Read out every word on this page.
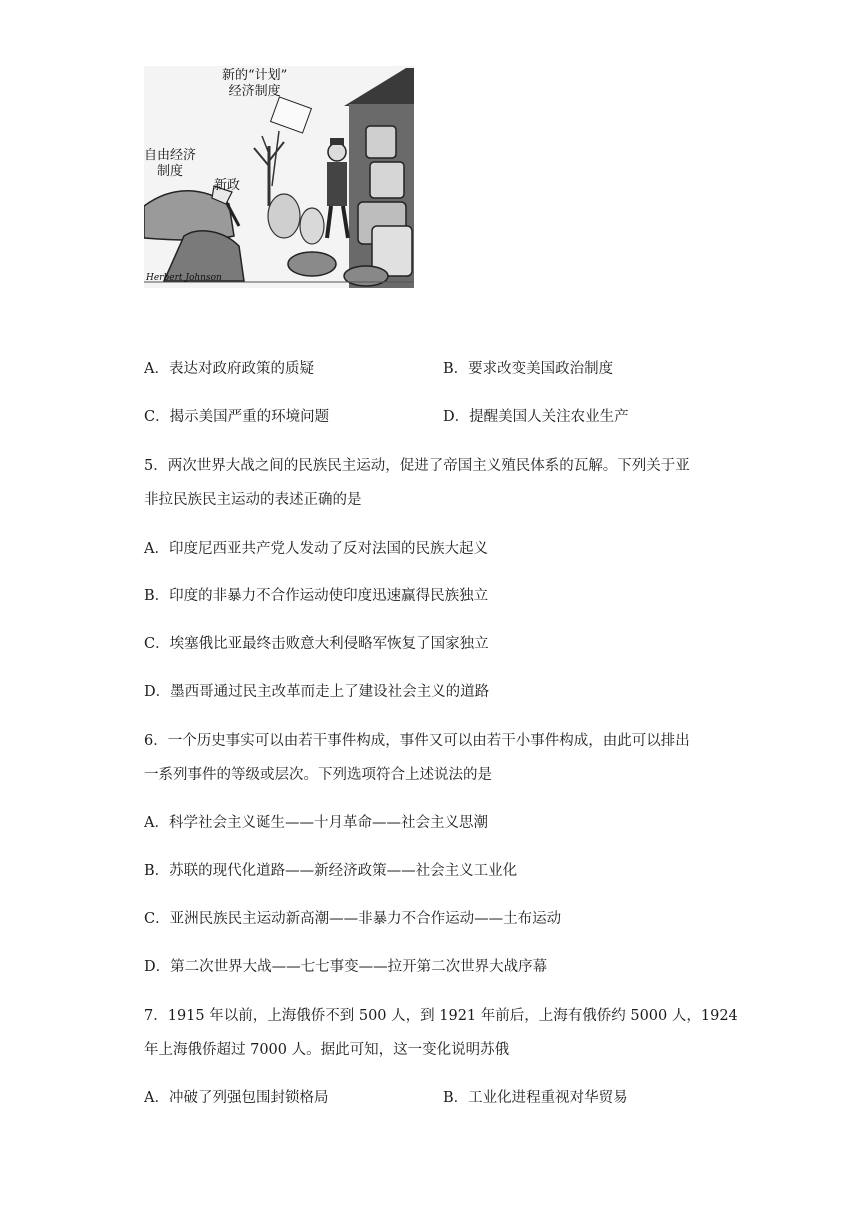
新的“计划”
经济制度
自由经济
制度
新政
Herbert Johnson
A．表达对政府政策的质疑	B．要求改变美国政治制度
C．揭示美国严重的环境问题	D．提醒美国人关注农业生产
5．两次世界大战之间的民族民主运动，促进了帝国主义殖民体系的瓦解。下列关于亚
非拉民族民主运动的表述正确的是
A．印度尼西亚共产党人发动了反对法国的民族大起义
B．印度的非暴力不合作运动使印度迅速赢得民族独立
C．埃塞俄比亚最终击败意大利侵略军恢复了国家独立
D．墨西哥通过民主改革而走上了建设社会主义的道路
6．一个历史事实可以由若干事件构成，事件又可以由若干小事件构成，由此可以排出
一系列事件的等级或层次。下列选项符合上述说法的是
A．科学社会主义诞生——十月革命——社会主义思潮
B．苏联的现代化道路——新经济政策——社会主义工业化
C．亚洲民族民主运动新高潮——非暴力不合作运动——土布运动
D．第二次世界大战——七七事变——拉开第二次世界大战序幕
7．1915 年以前，上海俄侨不到 500 人，到 1921 年前后，上海有俄侨约 5000 人，1924
年上海俄侨超过 7000 人。据此可知，这一变化说明苏俄
A．冲破了列强包围封锁格局	B．工业化进程重视对华贸易
